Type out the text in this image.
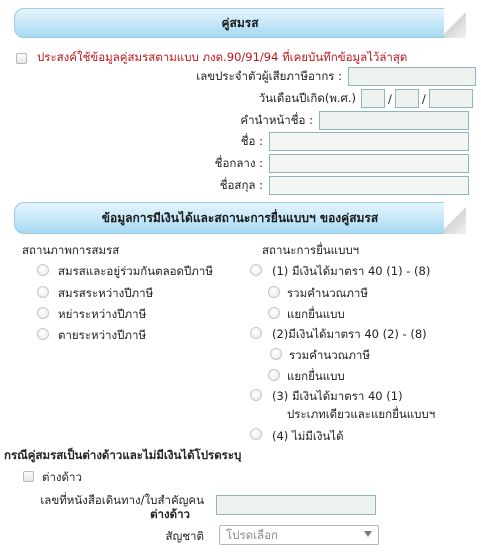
คู่สมรส
ประสงค์ใช้ข้อมูลคู่สมรสตามแบบ ภงด.90/91/94 ที่เคยบันทึกข้อมูลไว้ล่าสุด
เลขประจำตัวผู้เสียภาษีอากร :
วันเดือนปีเกิด(พ.ศ.)	/	/
คำนำหน้าชื่อ :
ชื่อ :
ชื่อกลาง :
ชื่อสกุล :
ข้อมูลการมีเงินได้และสถานะการยื่นแบบฯ ของคู่สมรส
สถานภาพการสมรส
สมรสและอยู่ร่วมกันตลอดปีภาษี
สมรสระหว่างปีภาษี
หย่าระหว่างปีภาษี
ตายระหว่างปีภาษี
สถานะการยื่นแบบฯ
(1) มีเงินได้มาตรา 40 (1) - (8)
รวมคำนวณภาษี
แยกยื่นแบบ
(2)มีเงินได้มาตรา 40 (2) - (8)
รวมคำนวณภาษี
แยกยื่นแบบ
(3) มีเงินได้มาตรา 40 (1)
ประเภทเดียวและแยกยื่นแบบฯ
(4) ไม่มีเงินได้
กรณีคู่สมรสเป็นต่างด้าวและไม่มีเงินได้โปรดระบุ
ต่างด้าว
เลขที่หนังสือเดินทาง/ใบสำคัญคน
ต่างด้าว
สัญชาติ	โปรดเลือก
